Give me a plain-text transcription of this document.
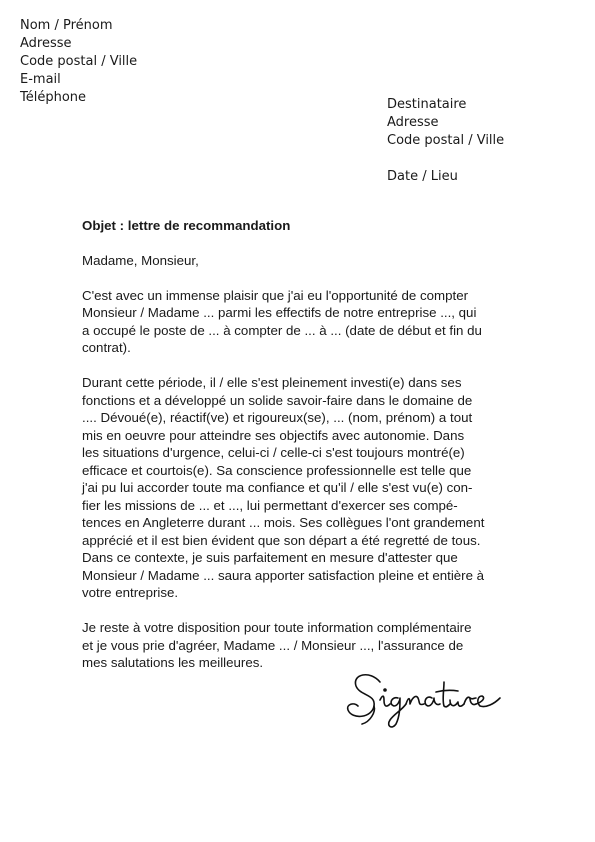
Nom / Prénom
Adresse
Code postal / Ville
E-mail
Téléphone	Destinataire
Adresse
Code postal / Ville
Date / Lieu
Objet : lettre de recommandation
Madame, Monsieur,
C'est avec un immense plaisir que j'ai eu l'opportunité de compter
Monsieur / Madame ... parmi les effectifs de notre entreprise ..., qui
a occupé le poste de ... à compter de ... à ... (date de début et fin du
contrat).
Durant cette période, il / elle s'est pleinement investi(e) dans ses
fonctions et a développé un solide savoir-faire dans le domaine de
.... Dévoué(e), réactif(ve) et rigoureux(se), ... (nom, prénom) a tout
mis en oeuvre pour atteindre ses objectifs avec autonomie. Dans
les situations d'urgence, celui-ci / celle-ci s'est toujours montré(e)
efficace et courtois(e). Sa conscience professionnelle est telle que
j'ai pu lui accorder toute ma confiance et qu'il / elle s'est vu(e) con-
fier les missions de ... et ..., lui permettant d'exercer ses compé-
tences en Angleterre durant ... mois. Ses collègues l'ont grandement
apprécié et il est bien évident que son départ a été regretté de tous.
Dans ce contexte, je suis parfaitement en mesure d'attester que
Monsieur / Madame ... saura apporter satisfaction pleine et entière à
votre entreprise.
Je reste à votre disposition pour toute information complémentaire
et je vous prie d'agréer, Madame ... / Monsieur ..., l'assurance de
mes salutations les meilleures.
